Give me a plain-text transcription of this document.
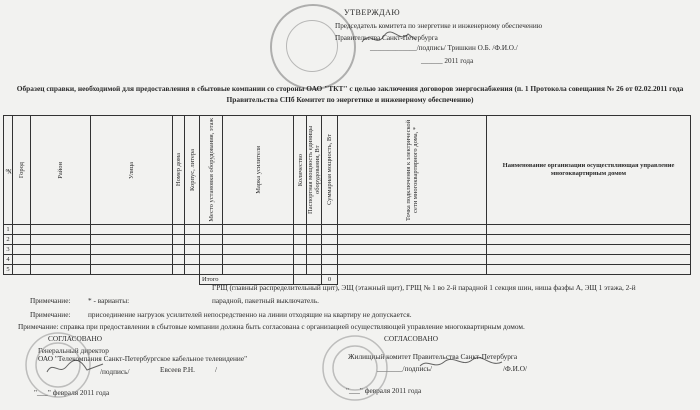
УТВЕРЖДАЮ
Председатель комитета по энергетике и инженерному обеспечению
Правительства Санкт-Петербурга
_____________/подпись/ Тришкин О.Б. /Ф.И.О./
______ 2011 года
Образец справки, необходимой для предоставления в сбытовые компании со стороны ОАО "ТКТ" с целью заключения договоров энергоснабжения (п. 1 Протокола совещания № 26 от 02.02.2011 года Правительства СПб Комитет по энергетике и инженерному обеспечению)
№	Город	Район	Улица	Номер дома	Корпус, литера	Место установки оборудования, этаж	Марка усилителя	Количество	Паспортная мощность единицы оборудования, Вт	Суммарная мощность, Вт	Точка подключения к электрической сети многоквартирного дома, *	Наименование организации осуществляющая управление многоквартирным домом

1												
2												
3												
4												
5												
						Итого				0		
ГРЩ (главный распределительный щит), ЭЩ (этажный щит), ГРЩ № 1 во 2-й парадной 1 секция шин, ниша фазфы А, ЭЩ 1 этажа, 2-й
парадной, пакетный выключатель.
Примечание: * - варианты:
Примечание: присоединение нагрузок усилителей непосредственно на линии отходящие на квартиру не допускается.
Примечание: справка при предоставлении в сбытовые компании должна быть согласована с организацией осуществляющей управление многоквартирным домом.
СОГЛАСОВАНО
Генеральный директор
ОАО "Телекомпания Санкт-Петербургское кабельное телевидение"
/подпись/	Евсеев Р.Н.	/
"___" февраля 2011 года
СОГЛАСОВАНО
Жилищный комитет Правительства Санкт-Петербурга
_______/подпись/
"___" февраля 2011 года
/Ф.И.О/
